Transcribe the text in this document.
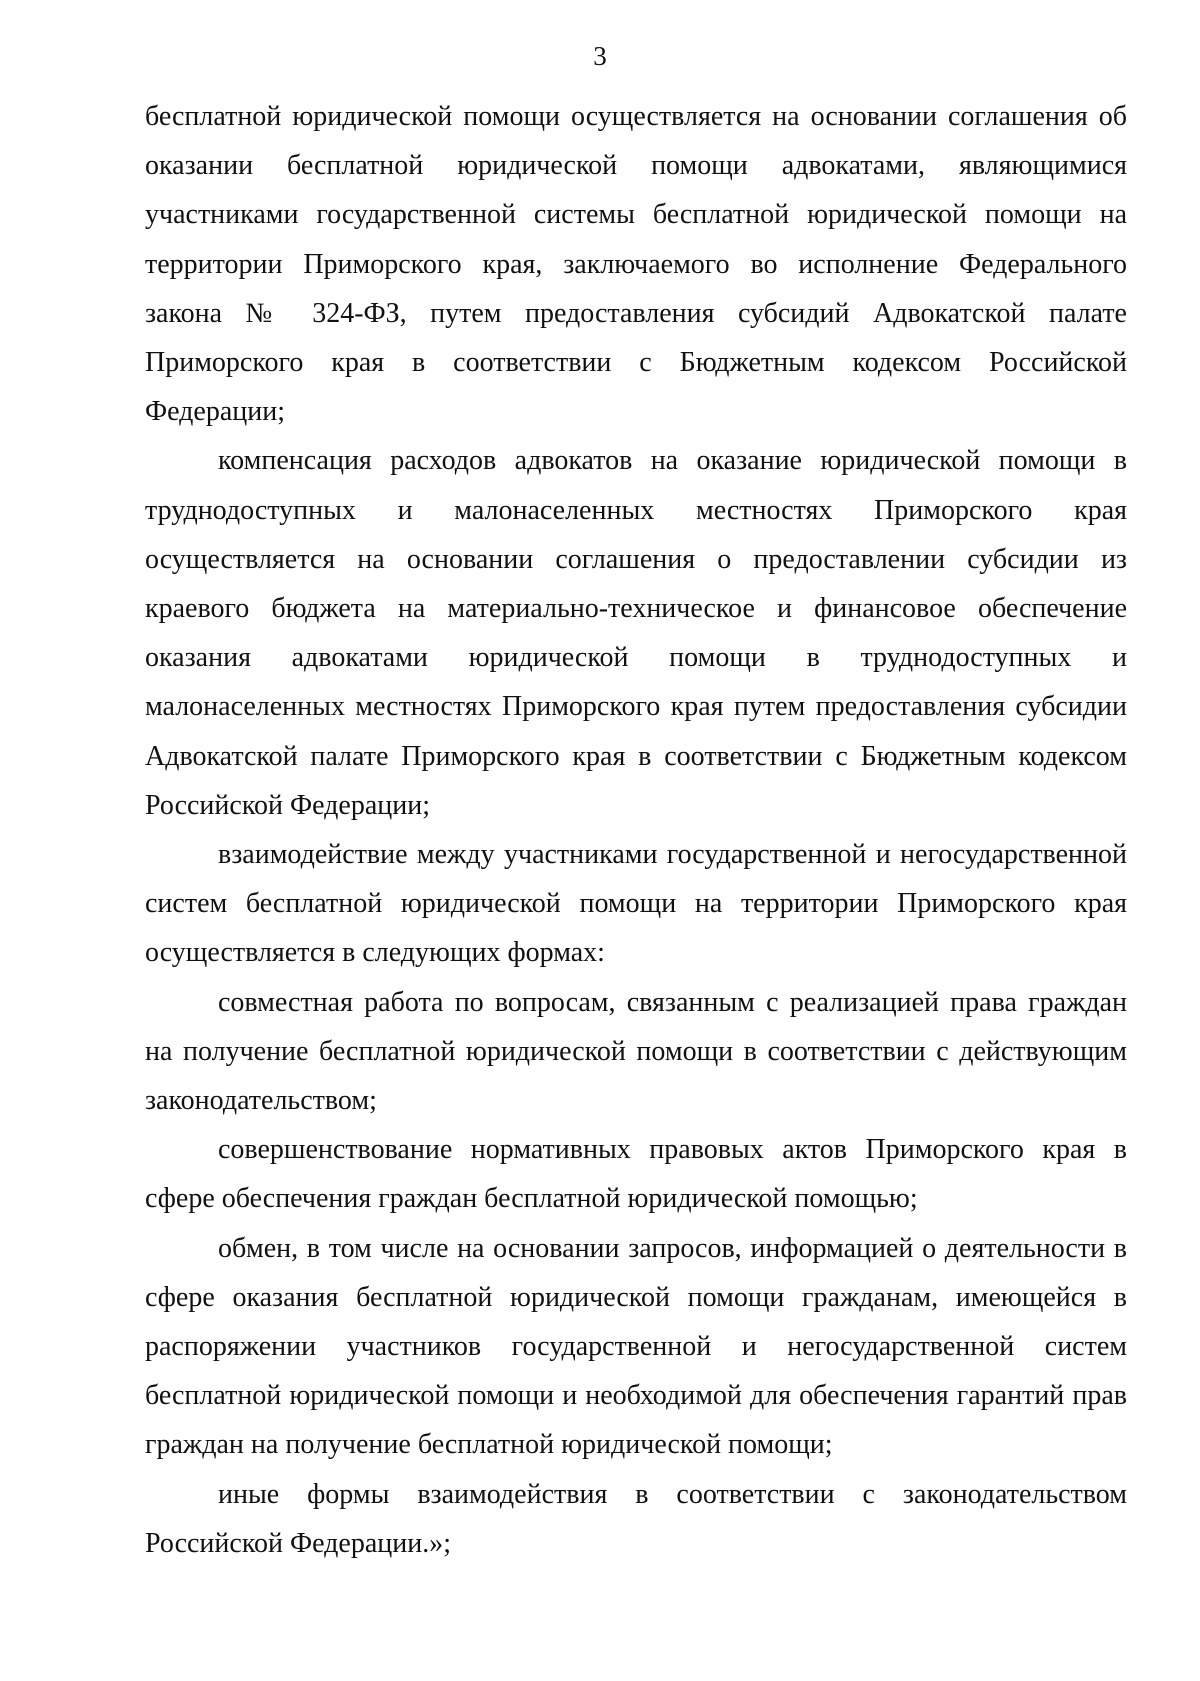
3

бесплатной юридической помощи осуществляется на основании соглашения об оказании бесплатной юридической помощи адвокатами, являющимися участниками государственной системы бесплатной юридической помощи на территории Приморского края, заключаемого во исполнение Федерального закона № 324-ФЗ, путем предоставления субсидий Адвокатской палате Приморского края в соответствии с Бюджетным кодексом Российской Федерации;

компенсация расходов адвокатов на оказание юридической помощи в труднодоступных и малонаселенных местностях Приморского края осуществляется на основании соглашения о предоставлении субсидии из краевого бюджета на материально-техническое и финансовое обеспечение оказания адвокатами юридической помощи в труднодоступных и малонаселенных местностях Приморского края путем предоставления субсидии Адвокатской палате Приморского края в соответствии с Бюджетным кодексом Российской Федерации;

взаимодействие между участниками государственной и негосударственной систем бесплатной юридической помощи на территории Приморского края осуществляется в следующих формах:

совместная работа по вопросам, связанным с реализацией права граждан на получение бесплатной юридической помощи в соответствии с действующим законодательством;

совершенствование нормативных правовых актов Приморского края в сфере обеспечения граждан бесплатной юридической помощью;

обмен, в том числе на основании запросов, информацией о деятельности в сфере оказания бесплатной юридической помощи гражданам, имеющейся в распоряжении участников государственной и негосударственной систем бесплатной юридической помощи и необходимой для обеспечения гарантий прав граждан на получение бесплатной юридической помощи;

иные формы взаимодействия в соответствии с законодательством Российской Федерации.»;
